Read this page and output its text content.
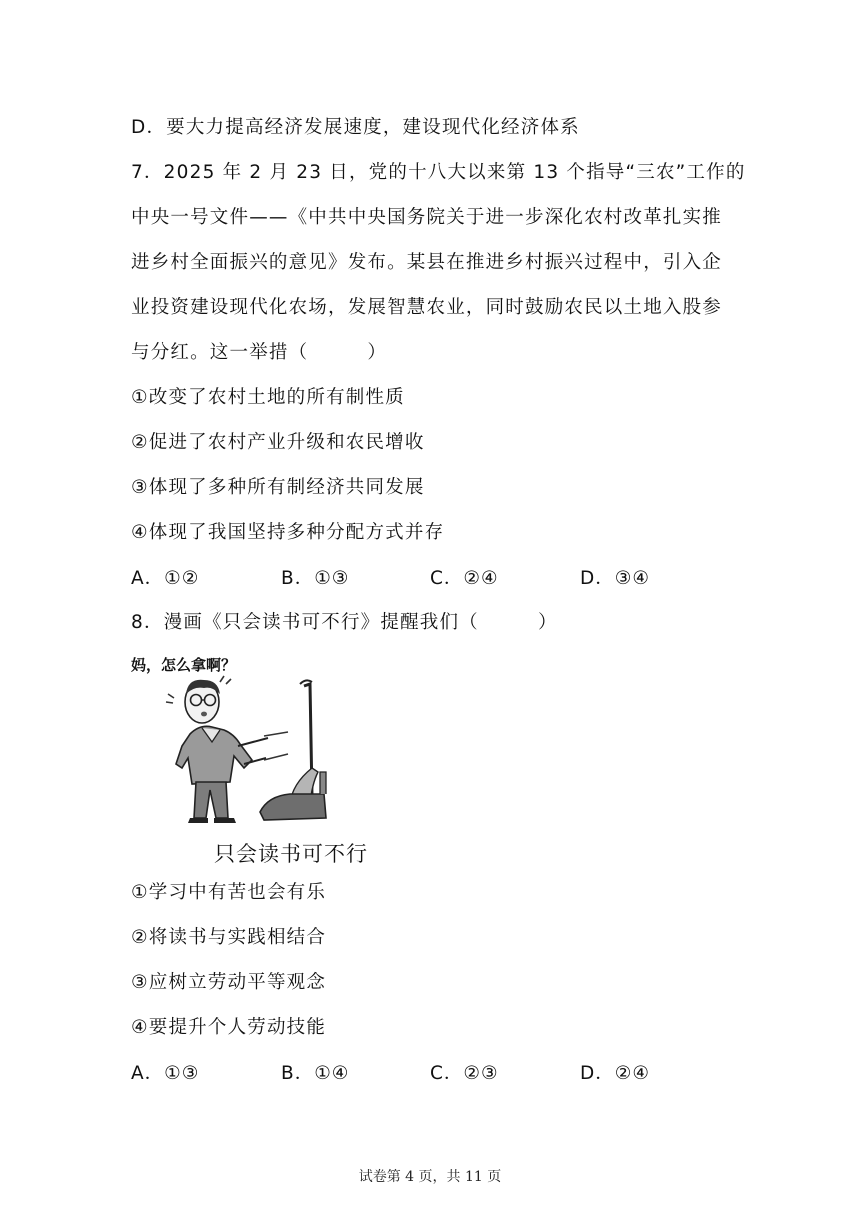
D．要大力提高经济发展速度，建设现代化经济体系
7．2025 年 2 月 23 日，党的十八大以来第 13 个指导“三农”工作的
中央一号文件——《中共中央国务院关于进一步深化农村改革扎实推
进乡村全面振兴的意见》发布。某县在推进乡村振兴过程中，引入企
业投资建设现代化农场，发展智慧农业，同时鼓励农民以土地入股参
与分红。这一举措（　　　）
①改变了农村土地的所有制性质
②促进了农村产业升级和农民增收
③体现了多种所有制经济共同发展
④体现了我国坚持多种分配方式并存
A．①②	B．①③	C．②④	D．③④
8．漫画《只会读书可不行》提醒我们（　　　）
妈，怎么拿啊？
只会读书可不行
①学习中有苦也会有乐
②将读书与实践相结合
③应树立劳动平等观念
④要提升个人劳动技能
A．①③	B．①④	C．②③	D．②④
试卷第 4 页，共 11 页
